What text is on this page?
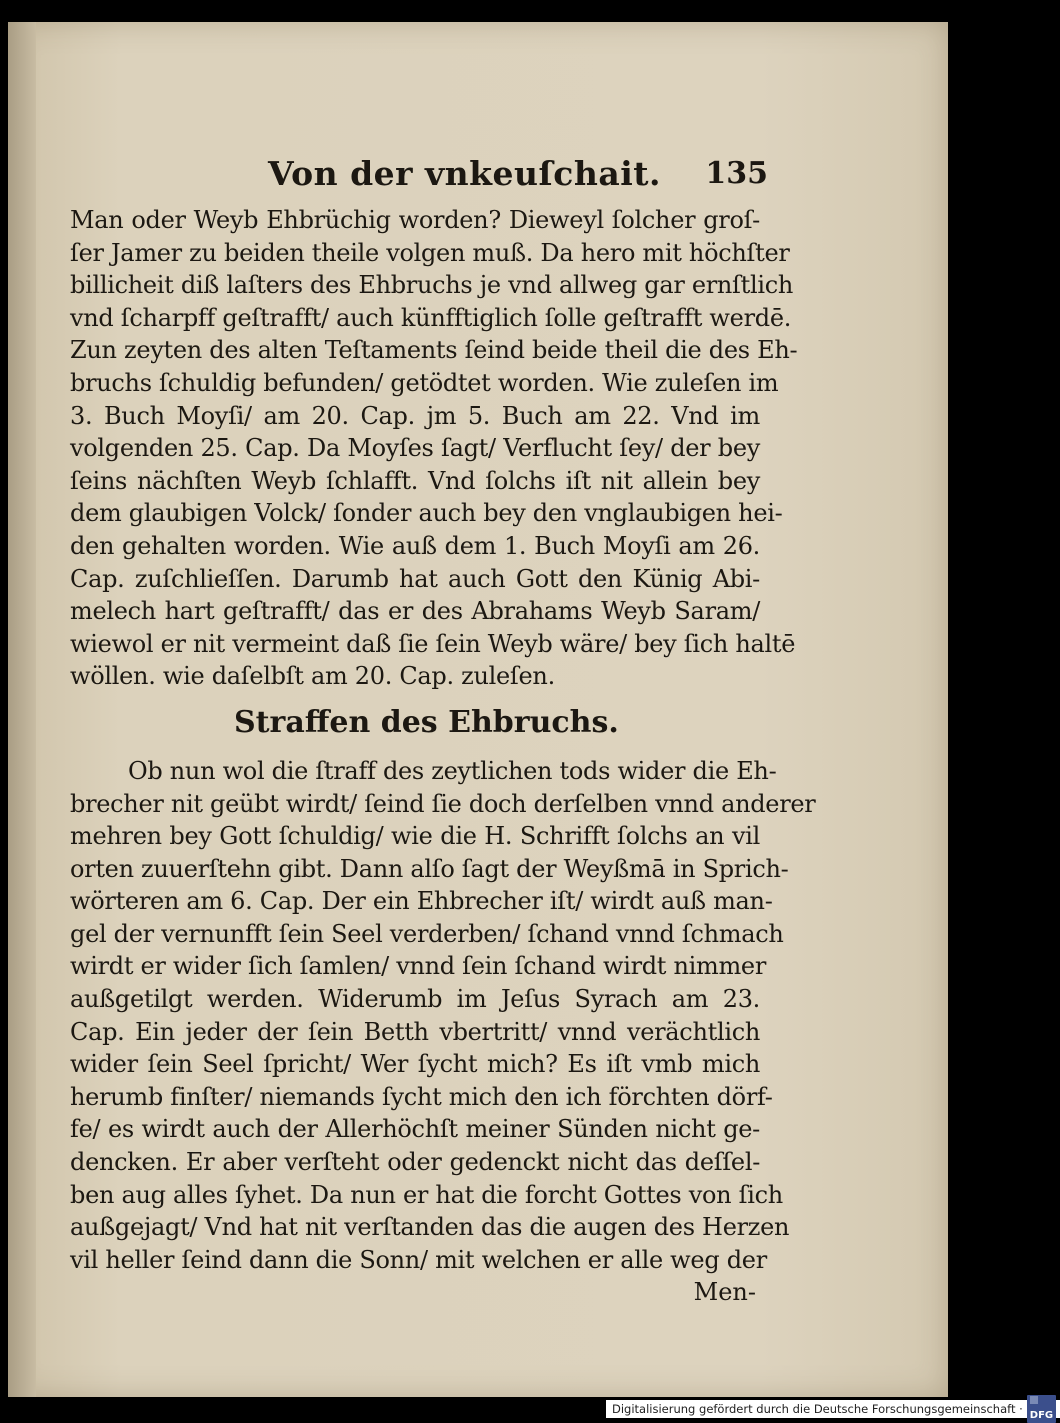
Von der vnkeuſchait. 135
Man oder Weyb Ehbrüchig worden? Dieweyl ſolcher groſ-
ſer Jamer zu beiden theile volgen muß. Da hero mit höchſter
billicheit diß laſters des Ehbruchs je vnd allweg gar ernſtlich
vnd ſcharpff geſtrafft/ auch künfftiglich ſolle geſtrafft werdē.
Zun zeyten des alten Teſtaments ſeind beide theil die des Eh-
bruchs ſchuldig befunden/ getödtet worden. Wie zuleſen im
3. Buch Moyſi/ am 20. Cap. jm 5. Buch am 22. Vnd im
volgenden 25. Cap. Da Moyſes ſagt/ Verflucht ſey/ der bey
ſeins nächſten Weyb ſchlafft. Vnd ſolchs iſt nit allein bey
dem glaubigen Volck/ ſonder auch bey den vnglaubigen hei-
den gehalten worden. Wie auß dem 1. Buch Moyſi am 26.
Cap. zuſchlieſſen. Darumb hat auch Gott den Künig Abi-
melech hart geſtrafft/ das er des Abrahams Weyb Saram/
wiewol er nit vermeint daß ſie ſein Weyb wäre/ bey ſich haltē
wöllen. wie daſelbſt am 20. Cap. zuleſen.
Straffen des Ehbruchs.
Ob nun wol die ſtraff des zeytlichen tods wider die Eh-
brecher nit geübt wirdt/ ſeind ſie doch derſelben vnnd anderer
mehren bey Gott ſchuldig/ wie die H. Schrifft ſolchs an vil
orten zuuerſtehn gibt. Dann alſo ſagt der Weyßmā in Sprich-
wörteren am 6. Cap. Der ein Ehbrecher iſt/ wirdt auß man-
gel der vernunfft ſein Seel verderben/ ſchand vnnd ſchmach
wirdt er wider ſich ſamlen/ vnnd ſein ſchand wirdt nimmer
außgetilgt werden. Widerumb im Jeſus Syrach am 23.
Cap. Ein jeder der ſein Betth vbertritt/ vnnd verächtlich
wider ſein Seel ſpricht/ Wer ſycht mich? Es iſt vmb mich
herumb finſter/ niemands ſycht mich den ich förchten dörf-
fe/ es wirdt auch der Allerhöchſt meiner Sünden nicht ge-
dencken. Er aber verſteht oder gedenckt nicht das deſſel-
ben aug alles ſyhet. Da nun er hat die forcht Gottes von ſich
außgejagt/ Vnd hat nit verſtanden das die augen des Herzen
vil heller ſeind dann die Sonn/ mit welchen er alle weg der
Men-
Digitalisierung gefördert durch die Deutsche Forschungsgemeinschaft · DFG
